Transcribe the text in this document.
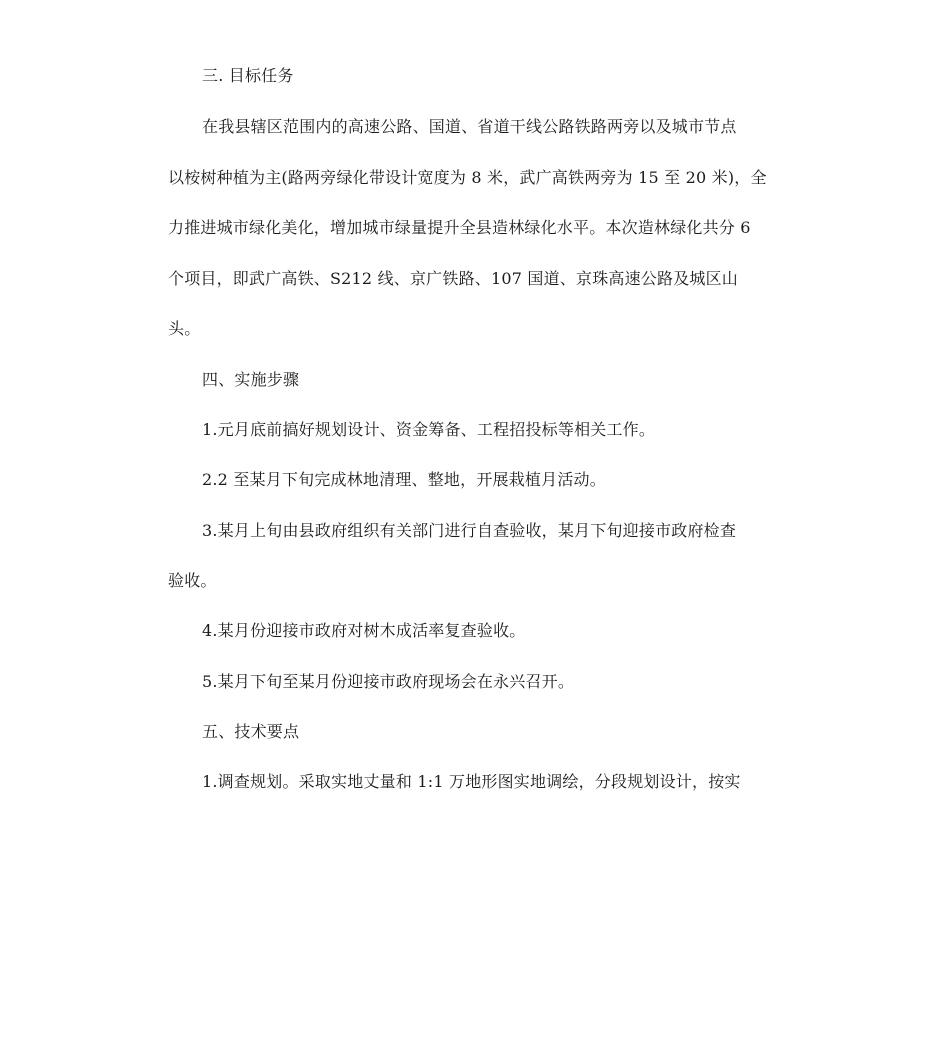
三. 目标任务
在我县辖区范围内的高速公路、国道、省道干线公路铁路两旁以及城市节点
以桉树种植为主(路两旁绿化带设计宽度为 8 米，武广高铁两旁为 15 至 20 米)，全
力推进城市绿化美化，增加城市绿量提升全县造林绿化水平。本次造林绿化共分 6
个项目，即武广高铁、S212 线、京广铁路、107 国道、京珠高速公路及城区山
头。
四、实施步骤
1.元月底前搞好规划设计、资金筹备、工程招投标等相关工作。
2.2 至某月下旬完成林地清理、整地，开展栽植月活动。
3.某月上旬由县政府组织有关部门进行自查验收，某月下旬迎接市政府检查
验收。
4.某月份迎接市政府对树木成活率复查验收。
5.某月下旬至某月份迎接市政府现场会在永兴召开。
五、技术要点
1.调查规划。采取实地丈量和 1:1 万地形图实地调绘，分段规划设计，按实
